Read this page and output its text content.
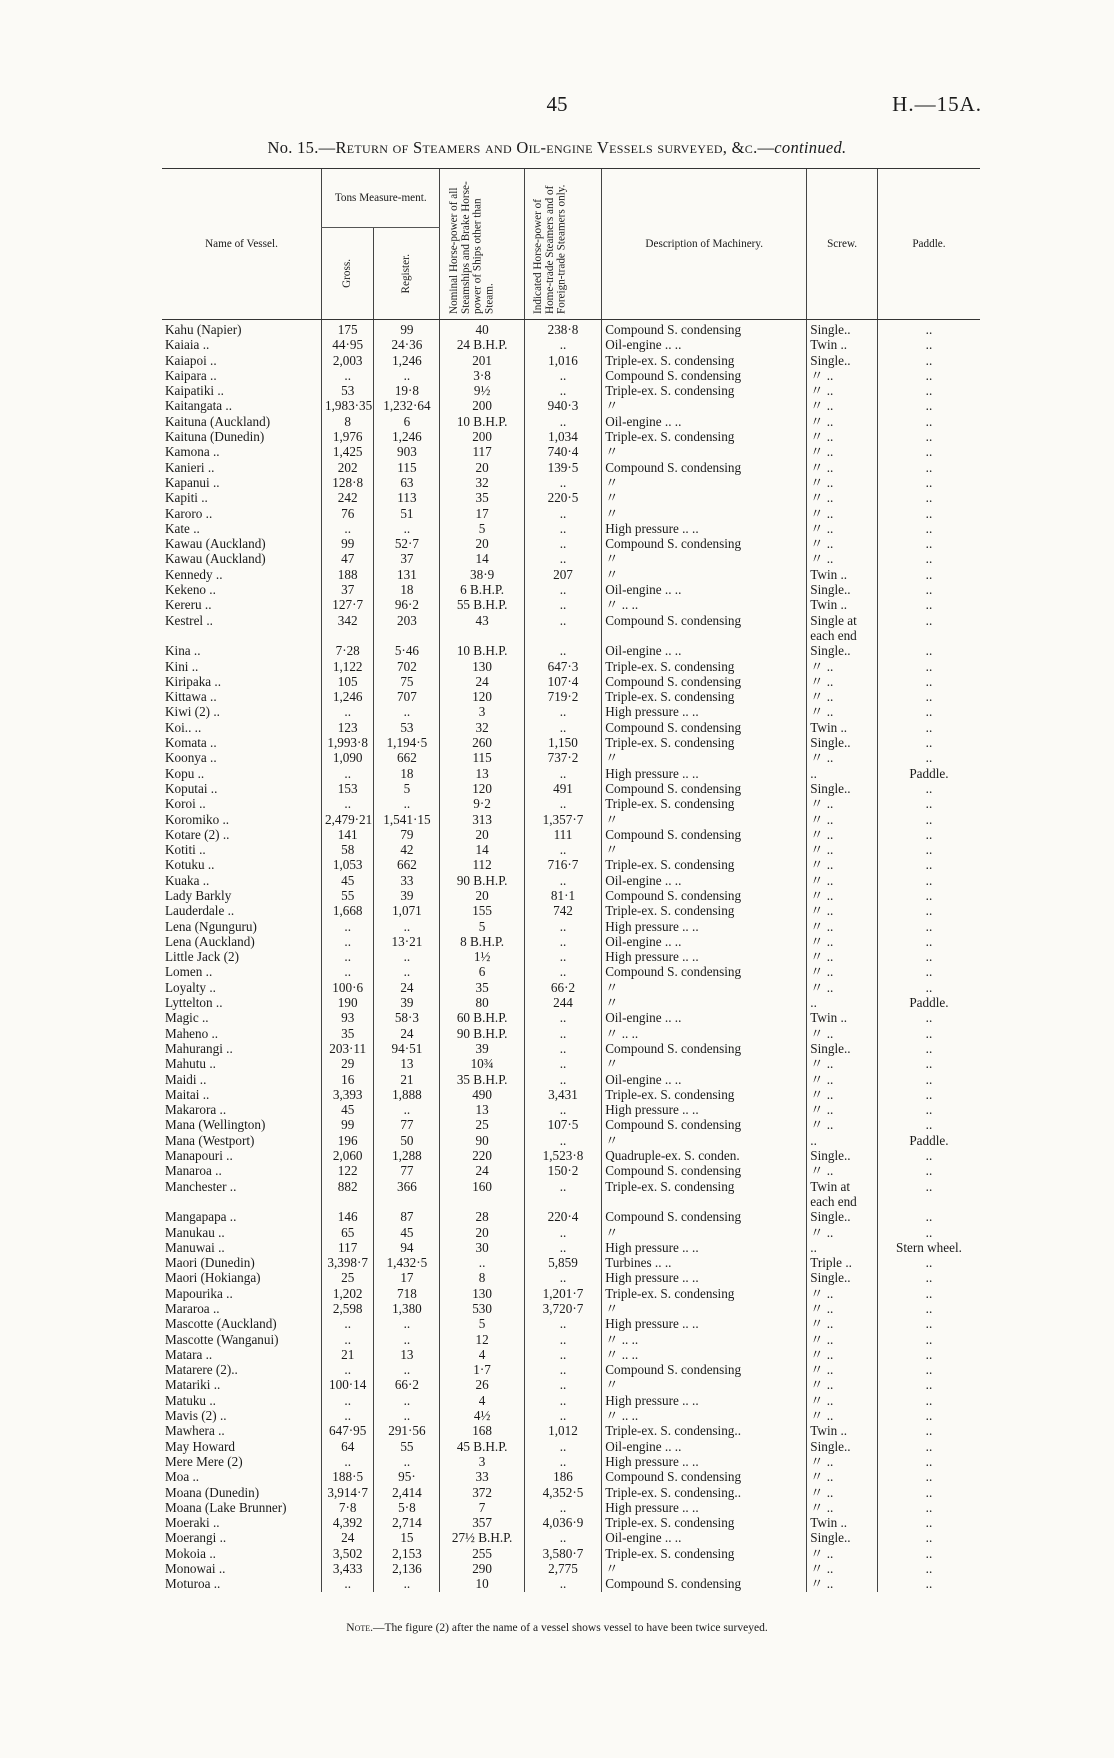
45	H.—15A.
No. 15.—Return of Steamers and Oil-engine Vessels surveyed, &c.—continued.
Name of Vessel.	Tons Measure-ment.		Nominal Horse-power of all Steamships and Brake Horse-power of Ships other than Steam.	Indicated Horse-power of Home-trade Steamers and of Foreign-trade Steamers only.	Description of Machinery.	Screw.	Paddle.

	Gross.	Register.					

Kahu (Napier)	175	99	40	238·8	Compound S. condensing	Single..	..
Kaiaia ..	44·95	24·36	24 B.H.P.	..	Oil-engine .. ..	Twin ..	..
Kaiapoi ..	2,003	1,246	201	1,016	Triple-ex. S. condensing	Single..	..
Kaipara ..	..	..	3·8	..	Compound S. condensing	〃 ..	..
Kaipatiki ..	53	19·8	9½	..	Triple-ex. S. condensing	〃 ..	..
Kaitangata ..	1,983·35	1,232·64	200	940·3	〃	〃 ..	..
Kaituna (Auckland)	8	6	10 B.H.P.	..	Oil-engine .. ..	〃 ..	..
Kaituna (Dunedin)	1,976	1,246	200	1,034	Triple-ex. S. condensing	〃 ..	..
Kamona ..	1,425	903	117	740·4	〃	〃 ..	..
Kanieri ..	202	115	20	139·5	Compound S. condensing	〃 ..	..
Kapanui ..	128·8	63	32	..	〃	〃 ..	..
Kapiti ..	242	113	35	220·5	〃	〃 ..	..
Karoro ..	76	51	17	..	〃	〃 ..	..
Kate ..	..	..	5	..	High pressure .. ..	〃 ..	..
Kawau (Auckland)	99	52·7	20	..	Compound S. condensing	〃 ..	..
Kawau (Auckland)	47	37	14	..	〃	〃 ..	..
Kennedy ..	188	131	38·9	207	〃	Twin ..	..
Kekeno ..	37	18	6 B.H.P.	..	Oil-engine .. ..	Single..	..
Kereru ..	127·7	96·2	55 B.H.P.	..	〃 .. ..	Twin ..	..
Kestrel ..	342	203	43	..	Compound S. condensing	Single at	..
						each end	
Kina ..	7·28	5·46	10 B.H.P.	..	Oil-engine .. ..	Single..	..
Kini ..	1,122	702	130	647·3	Triple-ex. S. condensing	〃 ..	..
Kiripaka ..	105	75	24	107·4	Compound S. condensing	〃 ..	..
Kittawa ..	1,246	707	120	719·2	Triple-ex. S. condensing	〃 ..	..
Kiwi (2) ..	..	..	3	..	High pressure .. ..	〃 ..	..
Koi.. ..	123	53	32	..	Compound S. condensing	Twin ..	..
Komata ..	1,993·8	1,194·5	260	1,150	Triple-ex. S. condensing	Single..	..
Koonya ..	1,090	662	115	737·2	〃	〃 ..	..
Kopu ..	..	18	13	..	High pressure .. ..	..	Paddle.
Koputai ..	153	5	120	491	Compound S. condensing	Single..	..
Koroi ..	..	..	9·2	..	Triple-ex. S. condensing	〃 ..	..
Koromiko ..	2,479·21	1,541·15	313	1,357·7	〃	〃 ..	..
Kotare (2) ..	141	79	20	111	Compound S. condensing	〃 ..	..
Kotiti ..	58	42	14	..	〃	〃 ..	..
Kotuku ..	1,053	662	112	716·7	Triple-ex. S. condensing	〃 ..	..
Kuaka ..	45	33	90 B.H.P.	..	Oil-engine .. ..	〃 ..	..
Lady Barkly	55	39	20	81·1	Compound S. condensing	〃 ..	..
Lauderdale ..	1,668	1,071	155	742	Triple-ex. S. condensing	〃 ..	..
Lena (Ngunguru)	..	..	5	..	High pressure .. ..	〃 ..	..
Lena (Auckland)	..	13·21	8 B.H.P.	..	Oil-engine .. ..	〃 ..	..
Little Jack (2)	..	..	1½	..	High pressure .. ..	〃 ..	..
Lomen ..	..	..	6	..	Compound S. condensing	〃 ..	..
Loyalty ..	100·6	24	35	66·2	〃	〃 ..	..
Lyttelton ..	190	39	80	244	〃	..	Paddle.
Magic ..	93	58·3	60 B.H.P.	..	Oil-engine .. ..	Twin ..	..
Maheno ..	35	24	90 B.H.P.	..	〃 .. ..	〃 ..	..
Mahurangi ..	203·11	94·51	39	..	Compound S. condensing	Single..	..
Mahutu ..	29	13	10¾	..	〃	〃 ..	..
Maidi ..	16	21	35 B.H.P.	..	Oil-engine .. ..	〃 ..	..
Maitai ..	3,393	1,888	490	3,431	Triple-ex. S. condensing	〃 ..	..
Makarora ..	45	..	13	..	High pressure .. ..	〃 ..	..
Mana (Wellington)	99	77	25	107·5	Compound S. condensing	〃 ..	..
Mana (Westport)	196	50	90	..	〃	..	Paddle.
Manapouri ..	2,060	1,288	220	1,523·8	Quadruple-ex. S. conden.	Single..	..
Manaroa ..	122	77	24	150·2	Compound S. condensing	〃 ..	..
Manchester ..	882	366	160	..	Triple-ex. S. condensing	Twin at	..
						each end	
Mangapapa ..	146	87	28	220·4	Compound S. condensing	Single..	..
Manukau ..	65	45	20	..	〃	〃 ..	..
Manuwai ..	117	94	30	..	High pressure .. ..	..	Stern wheel.
Maori (Dunedin)	3,398·7	1,432·5	..	5,859	Turbines .. ..	Triple ..	..
Maori (Hokianga)	25	17	8	..	High pressure .. ..	Single..	..
Mapourika ..	1,202	718	130	1,201·7	Triple-ex. S. condensing	〃 ..	..
Mararoa ..	2,598	1,380	530	3,720·7	〃	〃 ..	..
Mascotte (Auckland)	..	..	5	..	High pressure .. ..	〃 ..	..
Mascotte (Wanganui)	..	..	12	..	〃 .. ..	〃 ..	..
Matara ..	21	13	4	..	〃 .. ..	〃 ..	..
Matarere (2)..	..	..	1·7	..	Compound S. condensing	〃 ..	..
Matariki ..	100·14	66·2	26	..	〃	〃 ..	..
Matuku ..	..	..	4	..	High pressure .. ..	〃 ..	..
Mavis (2) ..	..	..	4½	..	〃 .. ..	〃 ..	..
Mawhera ..	647·95	291·56	168	1,012	Triple-ex. S. condensing..	Twin ..	..
May Howard	64	55	45 B.H.P.	..	Oil-engine .. ..	Single..	..
Mere Mere (2)	..	..	3	..	High pressure .. ..	〃 ..	..
Moa ..	188·5	95·	33	186	Compound S. condensing	〃 ..	..
Moana (Dunedin)	3,914·7	2,414	372	4,352·5	Triple-ex. S. condensing..	〃 ..	..
Moana (Lake Brunner)	7·8	5·8	7	..	High pressure .. ..	〃 ..	..
Moeraki ..	4,392	2,714	357	4,036·9	Triple-ex. S. condensing	Twin ..	..
Moerangi ..	24	15	27½ B.H.P.	..	Oil-engine .. ..	Single..	..
Mokoia ..	3,502	2,153	255	3,580·7	Triple-ex. S. condensing	〃 ..	..
Monowai ..	3,433	2,136	290	2,775	〃	〃 ..	..
Moturoa ..	..	..	10	..	Compound S. condensing	〃 ..	..
Note.—The figure (2) after the name of a vessel shows vessel to have been twice surveyed.
